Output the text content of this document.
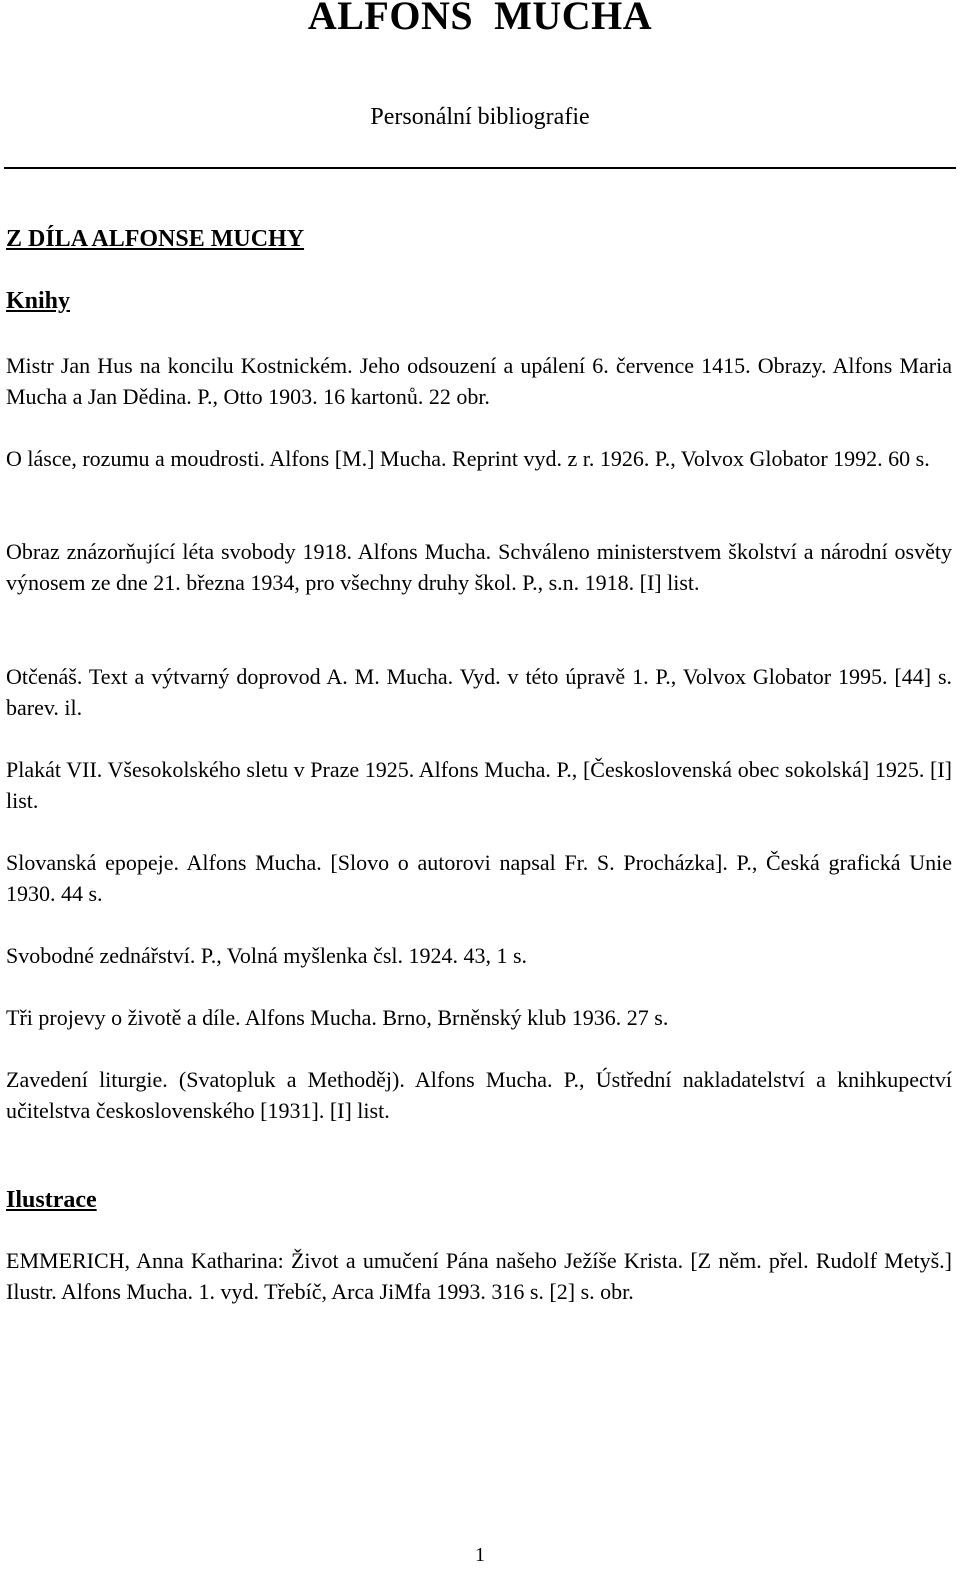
ALFONS  MUCHA
Personální bibliografie
Z DÍLA ALFONSE MUCHY
Knihy
Mistr Jan Hus na koncilu Kostnickém. Jeho odsouzení a upálení 6. července 1415. Obrazy. Alfons Maria Mucha a Jan Dědina. P., Otto 1903. 16 kartonů. 22 obr.
O lásce, rozumu a moudrosti. Alfons [M.] Mucha. Reprint vyd. z r. 1926. P., Volvox Globator 1992. 60 s.
Obraz znázorňující léta svobody 1918. Alfons Mucha. Schváleno ministerstvem školství a národní osvěty výnosem ze dne 21. března 1934, pro všechny druhy škol. P., s.n. 1918. [I] list.
Otčenáš. Text a výtvarný doprovod A. M. Mucha. Vyd. v této úpravě 1. P., Volvox Globator 1995. [44] s. barev. il.
Plakát VII. Všesokolského sletu v Praze 1925. Alfons Mucha. P., [Československá obec sokolská] 1925. [I] list.
Slovanská epopeje. Alfons Mucha. [Slovo o autorovi napsal Fr. S. Procházka]. P., Česká grafická Unie 1930. 44 s.
Svobodné zednářství. P., Volná myšlenka čsl. 1924. 43, 1 s.
Tři projevy o životě a díle. Alfons Mucha. Brno, Brněnský klub 1936. 27 s.
Zavedení liturgie. (Svatopluk a Methoděj). Alfons Mucha. P., Ústřední nakladatelství a knihkupectví učitelstva československého [1931]. [I] list.
Ilustrace
EMMERICH, Anna Katharina: Život a umučení Pána našeho Ježíše Krista. [Z něm. přel. Rudolf Metyš.] Ilustr. Alfons Mucha. 1. vyd. Třebíč, Arca JiMfa 1993. 316 s. [2] s. obr.
1
